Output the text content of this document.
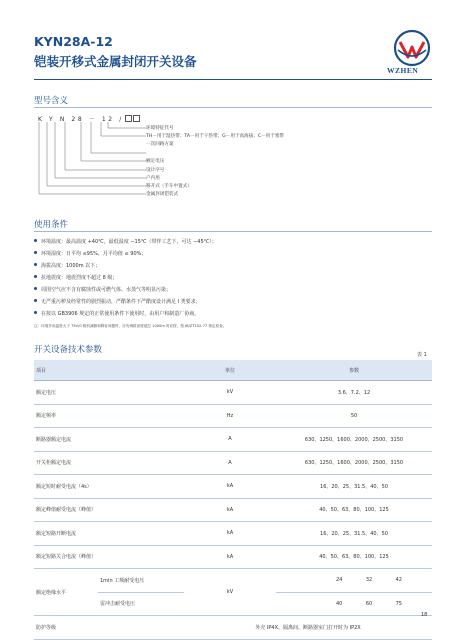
KYN28A-12
铠装开移式金属封闭开关设备
WZHEN
型号含义
K Y N 28 － 12 /
环境特征代号
TH－用于湿热带；TA－用于干热带；G－用于高海拔；C－用于寒带
一次回路方案
额定电压
设计序号
户内用
移开式（手车中置式）
金属封闭铠装式
使用条件
环境温度：最高温度 +40℃，最低温度 −15℃（带伴工艺下，可达 −45℃）；
环境湿度：日平均 ≤95%，月平均值 ≤ 90%；
海拔高度：1000m 以下；
抗地震度：地震烈度不超过 8 级；
周围空气应不含有腐蚀性或可燃气体、水蒸气等明显污染；
无严重污秽及经常性的剧烈振动，严酷条件下严酷度设计满足 I 类要求；
在按以 GB3906 规定的正常使用条件下使用时，由用户和制造厂协商。
注：环境开用温度大于 75V/0 相机减额和降容问题时，应有海拔高度超过 1000m 时应按，按 JB/ZT102-77 规定检查。
开关设备技术参数	表 1
项目		单位	参数
额定电压		kV	3.6、7.2、12
额定频率		Hz	50
断路器额定电流		A	630、1250、1600、2000、2500、3150
开关柜额定电流		A	630、1250、1600、2000、2500、3150
额定短时耐受电流（4s）		kA	16、20、25、31.5、40、50
额定峰值耐受电流（峰值）		kA	40、50、63、80、100、125
额定短路开断电流		kA	16、20、25、31.5、40、50
额定短路关合电流（峰值）		kA	40、50、63、80、100、125
额定绝缘水平	1min 工频耐受电压	kV	24 32 42

	雷冲击耐受电压		40 60 75

防护等级		外壳 IP4X、隔离间、断路器室门打开时为 IP2X	
18
